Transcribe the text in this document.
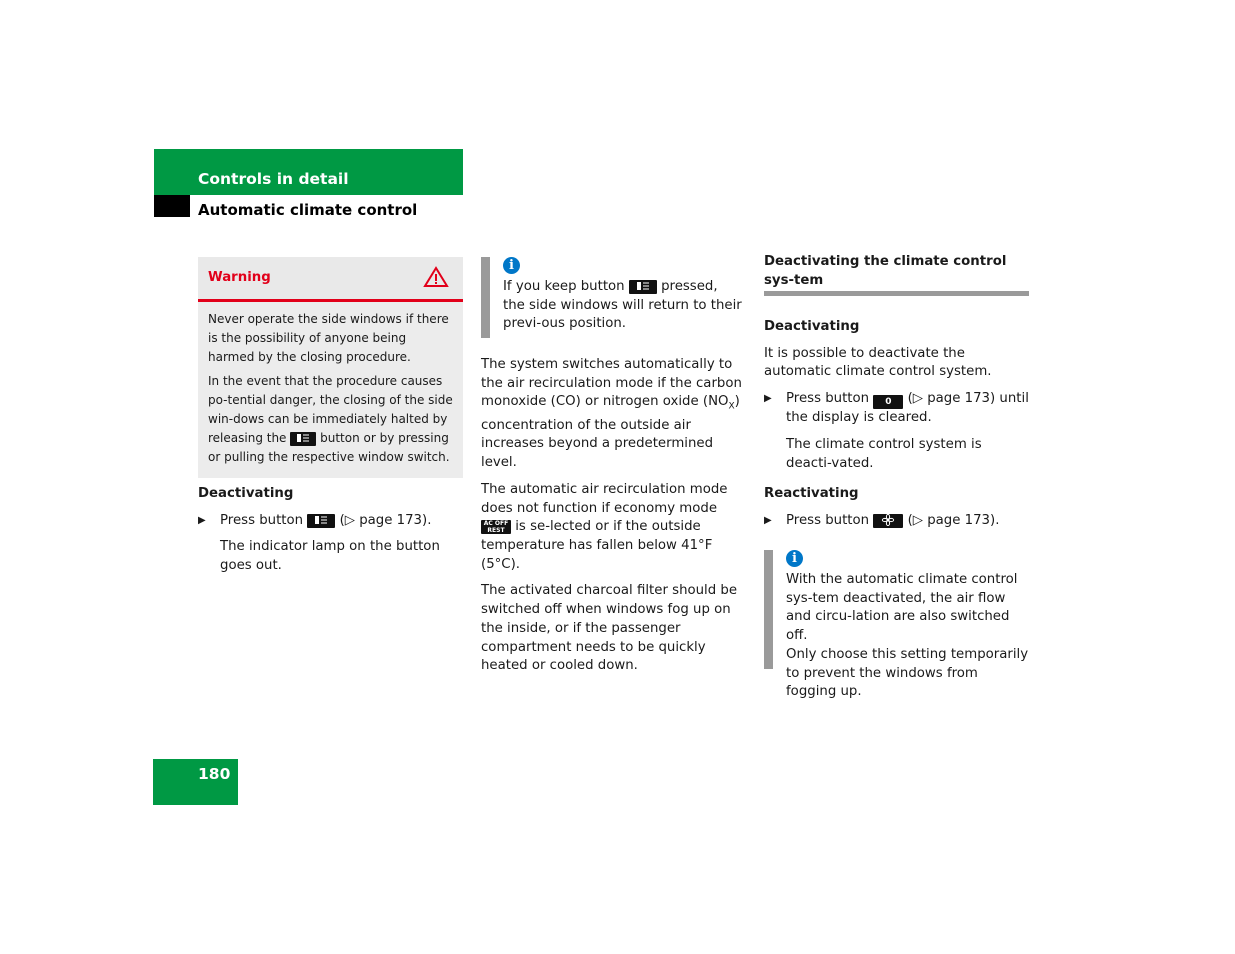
Controls in detail
Automatic climate control
Warning

Never operate the side windows if there is the possibility of anyone being harmed by the closing procedure.

In the event that the procedure causes po-tential danger, the closing of the side win-dows can be immediately halted by releasing the	button or by pressing or pulling the respective window switch.

Deactivating

▶ Press button	(▷ page 173).

The indicator lamp on the button goes out.

i
If you keep button	pressed, the side windows will return to their previ-ous position.

The system switches automatically to the air recirculation mode if the carbon monoxide (CO) or nitrogen oxide $(NO_X)$ concentration of the outside air increases beyond a predetermined level.

The automatic air recirculation mode does not function if economy mode
AC OFF
REST is se-lected or if the outside temperature has fallen below 41°F (5°C).

The activated charcoal filter should be switched off when windows fog up on the inside, or if the passenger compartment needs to be quickly heated or cooled down.

Deactivating the climate control sys-tem

Deactivating

It is possible to deactivate the automatic climate control system.

▶ Press button 0 (▷ page 173) until the display is cleared.

The climate control system is deacti-vated.

Reactivating

▶ Press button	(▷ page 173).

i
With the automatic climate control sys-tem deactivated, the air flow and circu-lation are also switched off.
Only choose this setting temporarily to prevent the windows from fogging up.
180
